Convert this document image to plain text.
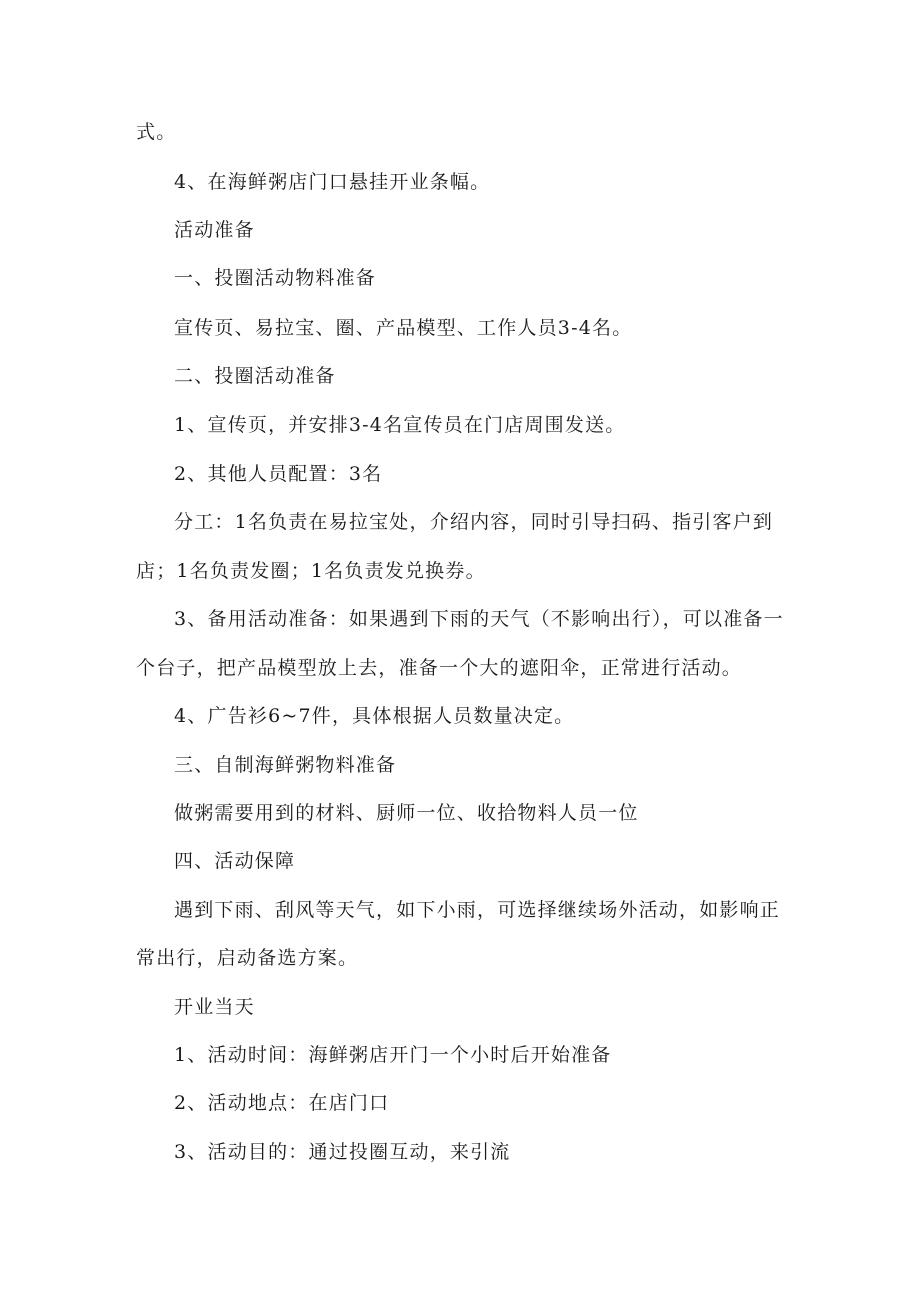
式。
4、在海鲜粥店门口悬挂开业条幅。
活动准备
一、投圈活动物料准备
宣传页、易拉宝、圈、产品模型、工作人员3-4名。
二、投圈活动准备
1、宣传页，并安排3-4名宣传员在门店周围发送。
2、其他人员配置：3名
分工：1名负责在易拉宝处，介绍内容，同时引导扫码、指引客户到
店；1名负责发圈；1名负责发兑换券。
3、备用活动准备：如果遇到下雨的天气（不影响出行），可以准备一
个台子，把产品模型放上去，准备一个大的遮阳伞，正常进行活动。
4、广告衫6~7件，具体根据人员数量决定。
三、自制海鲜粥物料准备
做粥需要用到的材料、厨师一位、收拾物料人员一位
四、活动保障
遇到下雨、刮风等天气，如下小雨，可选择继续场外活动，如影响正
常出行，启动备选方案。
开业当天
1、活动时间：海鲜粥店开门一个小时后开始准备
2、活动地点：在店门口
3、活动目的：通过投圈互动，来引流
